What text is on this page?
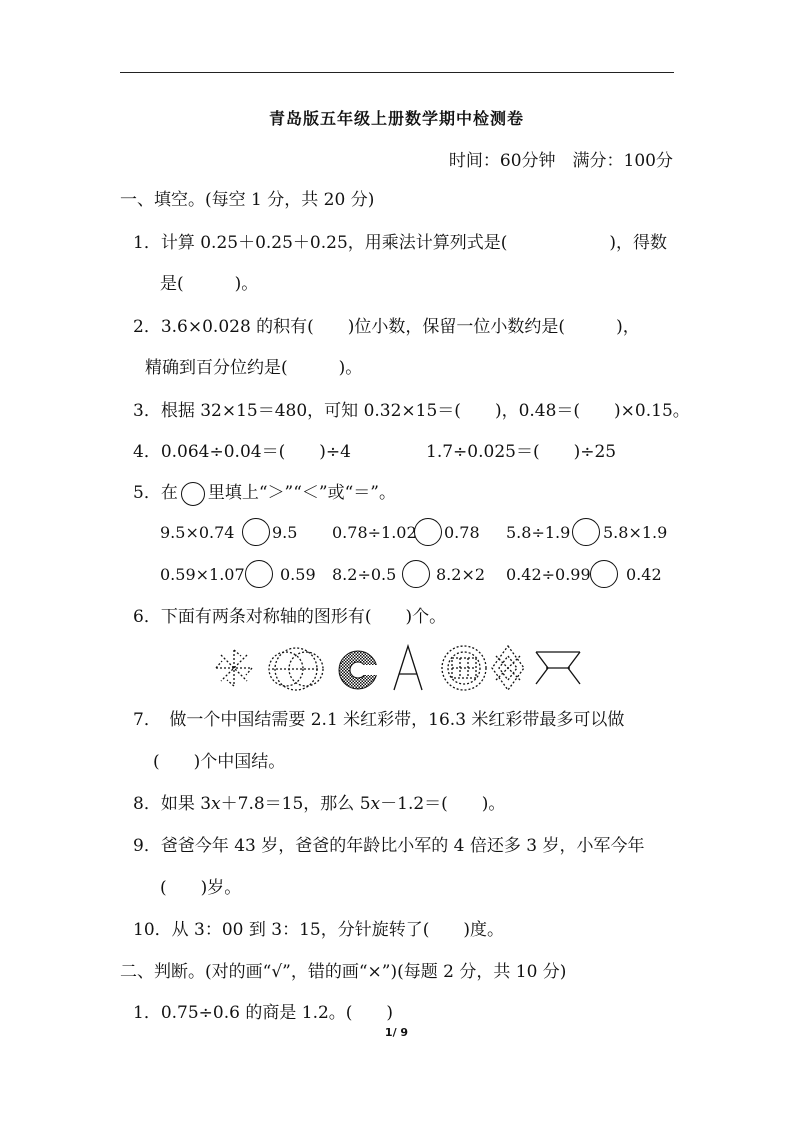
青岛版五年级上册数学期中检测卷
时间：60分钟　满分：100分
一、填空。(每空 1 分，共 20 分)
1．计算 0.25＋0.25＋0.25，用乘法计算列式是(　　　　　　)，得数
是(　　　)。
2．3.6×0.028 的积有(　　)位小数，保留一位小数约是(　　　)，
精确到百分位约是(　　　)。
3．根据 32×15＝480，可知 0.32×15＝(　　)，0.48＝(　　)×0.15。
4．0.064÷0.04＝(　　)÷4	1.7÷0.025＝(　　)÷25
5．在 里填上“＞”“＜”或“＝”。
9.5×0.74 9.5 0.78÷1.02 0.78 5.8÷1.9 5.8×1.9
0.59×1.07 0.59 8.2÷0.5 8.2×2 0.42÷0.99 0.42
6．下面有两条对称轴的图形有(　　)个。
7．　做一个中国结需要 2.1 米红彩带，16.3 米红彩带最多可以做
(　　)个中国结。
8．如果 3x＋7.8＝15，那么 5x－1.2＝(　　)。
9．爸爸今年 43 岁，爸爸的年龄比小军的 4 倍还多 3 岁，小军今年
(　　)岁。
10．从 3：00 到 3：15，分针旋转了(　　)度。
二、判断。(对的画“√”，错的画“×”)(每题 2 分，共 10 分)
1．0.75÷0.6 的商是 1.2。(　　)
1/ 9
